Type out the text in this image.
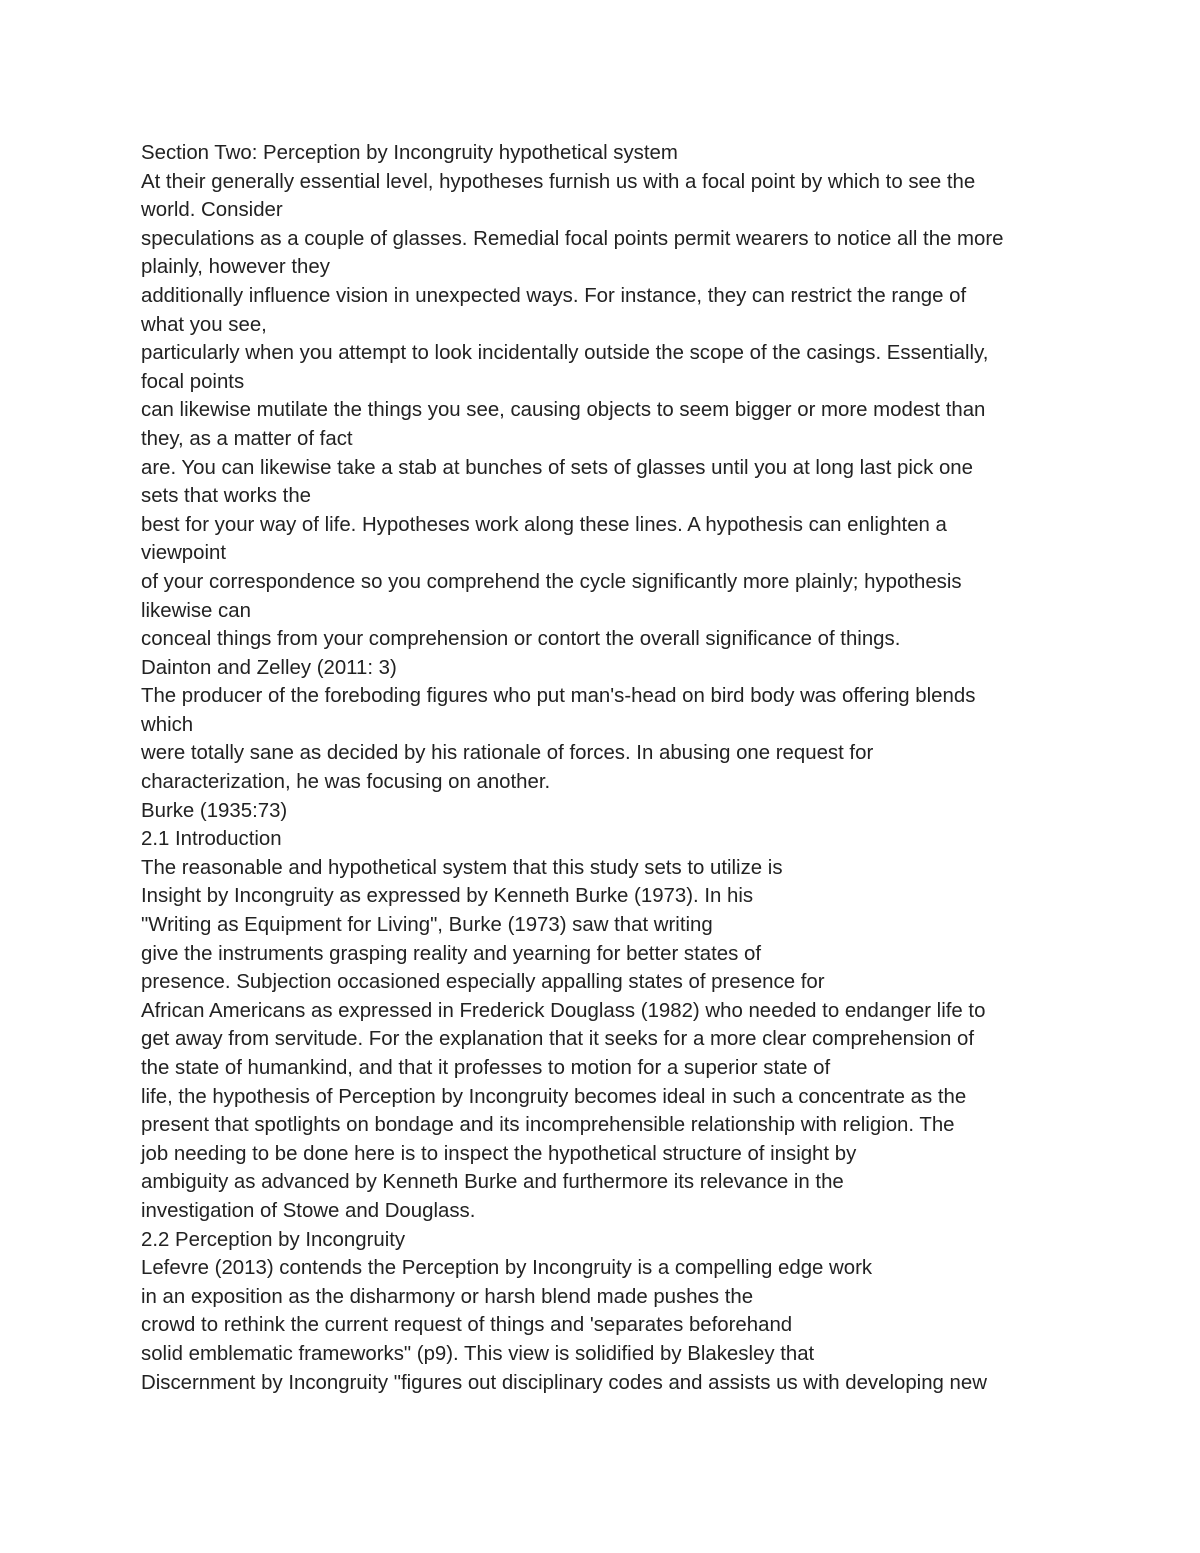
Section Two: Perception by Incongruity hypothetical system
At their generally essential level, hypotheses furnish us with a focal point by which to see the
world. Consider
speculations as a couple of glasses. Remedial focal points permit wearers to notice all the more
plainly, however they
additionally influence vision in unexpected ways. For instance, they can restrict the range of
what you see,
particularly when you attempt to look incidentally outside the scope of the casings. Essentially,
focal points
can likewise mutilate the things you see, causing objects to seem bigger or more modest than
they, as a matter of fact
are. You can likewise take a stab at bunches of sets of glasses until you at long last pick one
sets that works the
best for your way of life. Hypotheses work along these lines. A hypothesis can enlighten a
viewpoint
of your correspondence so you comprehend the cycle significantly more plainly; hypothesis
likewise can
conceal things from your comprehension or contort the overall significance of things.
Dainton and Zelley (2011: 3)
The producer of the foreboding figures who put man's-head on bird body was offering blends
which
were totally sane as decided by his rationale of forces. In abusing one request for
characterization, he was focusing on another.
Burke (1935:73)
2.1 Introduction
The reasonable and hypothetical system that this study sets to utilize is
Insight by Incongruity as expressed by Kenneth Burke (1973). In his
"Writing as Equipment for Living", Burke (1973) saw that writing
give the instruments grasping reality and yearning for better states of
presence. Subjection occasioned especially appalling states of presence for
African Americans as expressed in Frederick Douglass (1982) who needed to endanger life to
get away from servitude. For the explanation that it seeks for a more clear comprehension of
the state of humankind, and that it professes to motion for a superior state of
life, the hypothesis of Perception by Incongruity becomes ideal in such a concentrate as the
present that spotlights on bondage and its incomprehensible relationship with religion. The
job needing to be done here is to inspect the hypothetical structure of insight by
ambiguity as advanced by Kenneth Burke and furthermore its relevance in the
investigation of Stowe and Douglass.
2.2 Perception by Incongruity
Lefevre (2013) contends the Perception by Incongruity is a compelling edge work
in an exposition as the disharmony or harsh blend made pushes the
crowd to rethink the current request of things and 'separates beforehand
solid emblematic frameworks" (p9). This view is solidified by Blakesley that
Discernment by Incongruity "figures out disciplinary codes and assists us with developing new
